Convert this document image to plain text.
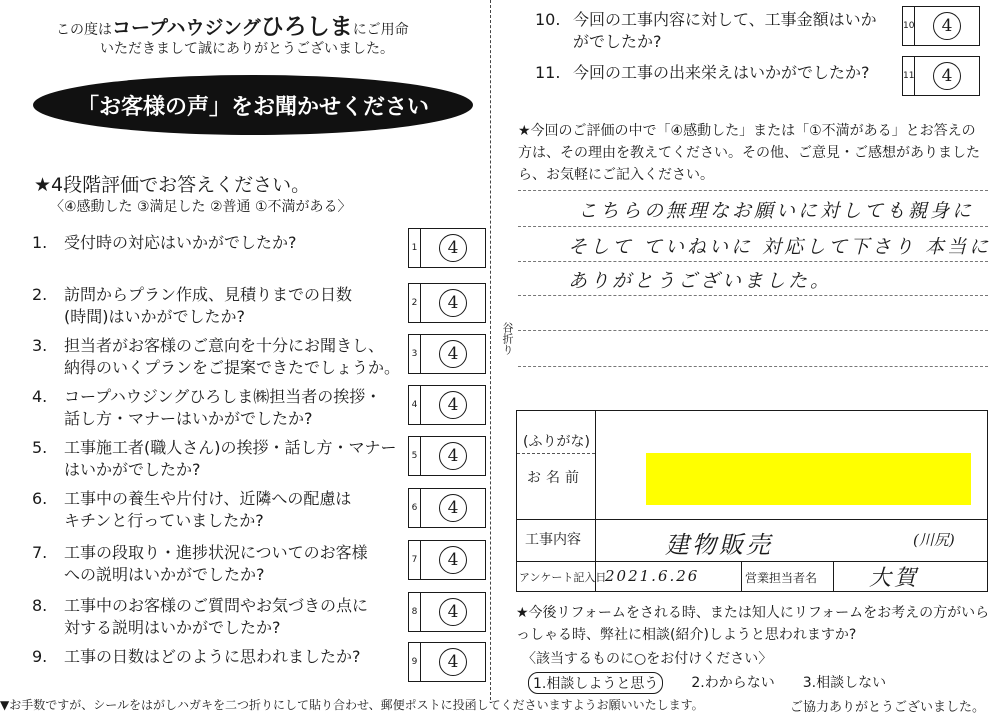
この度はコープハウジングひろしまにご用命
いただきまして誠にありがとうございました。
「お客様の声」をお聞かせください
★4段階評価でお答えください。
〈④感動した ③満足した ②普通 ①不満がある〉
1.	受付時の対応はいかがでしたか?
2.	訪問からプラン作成、見積りまでの日数
(時間)はいかがでしたか?
3.	担当者がお客様のご意向を十分にお聞きし、
納得のいくプランをご提案できたでしょうか。
4.	コープハウジングひろしま㈱担当者の挨拶・
話し方・マナーはいかがでしたか?
5.	工事施工者(職人さん)の挨拶・話し方・マナー
はいかがでしたか?
6.	工事中の養生や片付け、近隣への配慮は
キチンと行っていましたか?
7.	工事の段取り・進捗状況についてのお客様
への説明はいかがでしたか?
8.	工事中のお客様のご質問やお気づきの点に
対する説明はいかがでしたか?
9.	工事の日数はどのように思われましたか?
1	4
2	4
3	4
4	4
5	4
6	4
7	4
8	4
9	4
谷折り
10. 今回の工事内容に対して、工事金額はいか
がでしたか?
11. 今回の工事の出来栄えはいかがでしたか?
10	4
11	4
★今回のご評価の中で「④感動した」または「①不満がある」とお答えの方は、その理由を教えてください。その他、ご意見・ご感想がありましたら、お気軽にご記入ください。
こちらの無理なお願いに対しても親身に
そして ていねいに 対応して下さり 本当に
ありがとうございました。
(ふりがな)
お名前
工事内容	建物販売	(川尻)
アンケート記入日
2021.6.26	営業担当者名 大賀
★今後リフォームをされる時、または知人にリフォームをお考えの方がいらっしゃる時、弊社に相談(紹介)しようと思われますか?
〈該当するものに○をお付けください〉
1.相談しようと思う	2.わからない 3.相談しない
▼お手数ですが、シールをはがしハガキを二つ折りにして貼り合わせ、郵便ポストに投函してくださいますようお願いいたします。	ご協力ありがとうございました。
